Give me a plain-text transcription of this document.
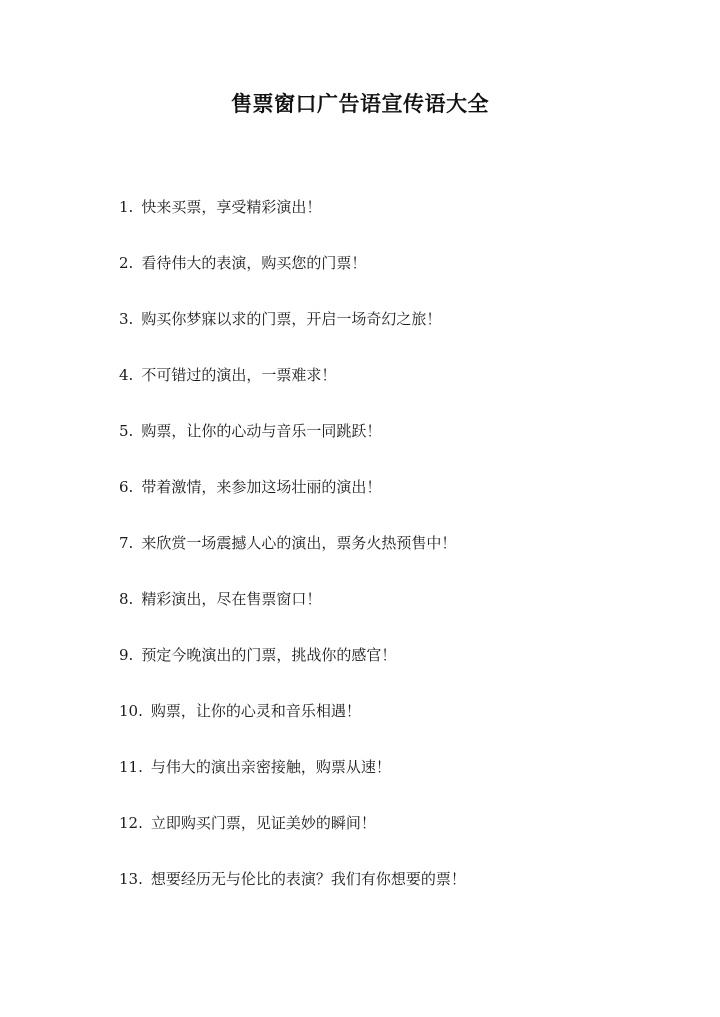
售票窗口广告语宣传语大全
1. 快来买票，享受精彩演出！
2. 看待伟大的表演，购买您的门票！
3. 购买你梦寐以求的门票，开启一场奇幻之旅！
4. 不可错过的演出，一票难求！
5. 购票，让你的心动与音乐一同跳跃！
6. 带着激情，来参加这场壮丽的演出！
7. 来欣赏一场震撼人心的演出，票务火热预售中！
8. 精彩演出，尽在售票窗口！
9. 预定今晚演出的门票，挑战你的感官！
10. 购票，让你的心灵和音乐相遇！
11. 与伟大的演出亲密接触，购票从速！
12. 立即购买门票，见证美妙的瞬间！
13. 想要经历无与伦比的表演？我们有你想要的票！
